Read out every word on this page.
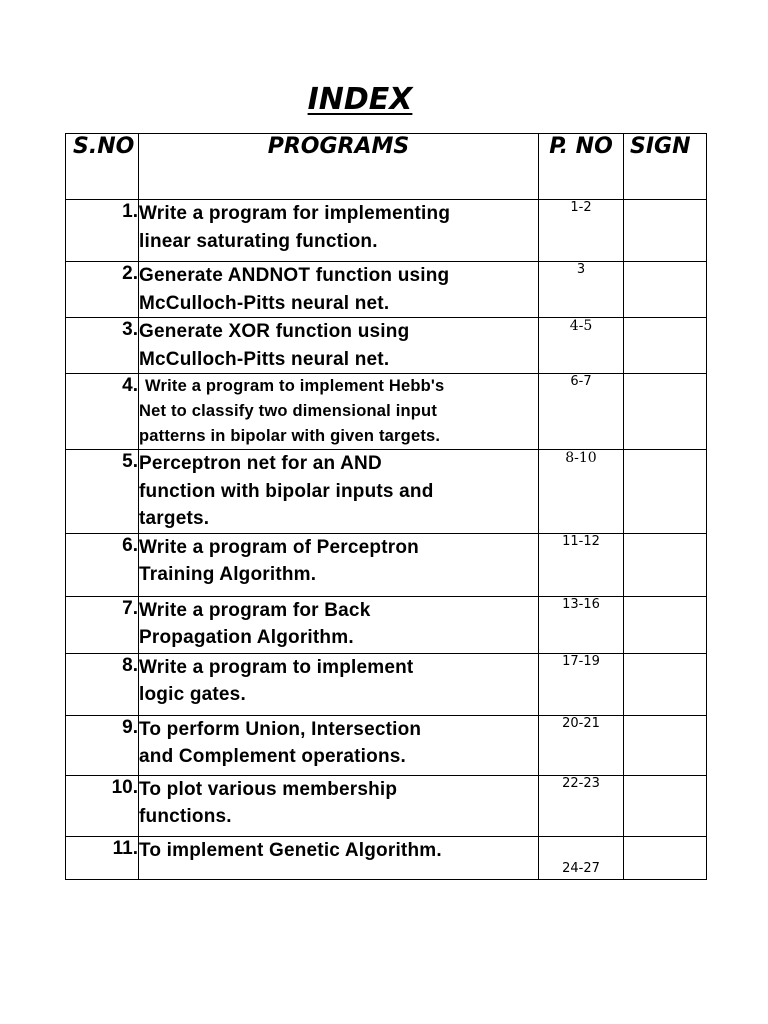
INDEX
S.NO	PROGRAMS	P. NO	SIGN
1.	Write a program for implementing
linear saturating function.	1-2	
2.	Generate ANDNOT function using
McCulloch-Pitts neural net.	3	
3.	Generate XOR function using
McCulloch-Pitts neural net.	4-5	
4.	Write a program to implement Hebb's
Net to classify two dimensional input
patterns in bipolar with given targets.	6-7	
5.	Perceptron net for an AND
function with bipolar inputs and
targets.	8-10	
6.	Write a program of Perceptron
Training Algorithm.	11-12	
7.	Write a program for Back
Propagation Algorithm.	13-16	
8.	Write a program to implement
logic gates.	17-19	
9.	To perform Union, Intersection
and Complement operations.	20-21	
10.	To plot various membership
functions.	22-23	
11.	To implement Genetic Algorithm.	24-27	
